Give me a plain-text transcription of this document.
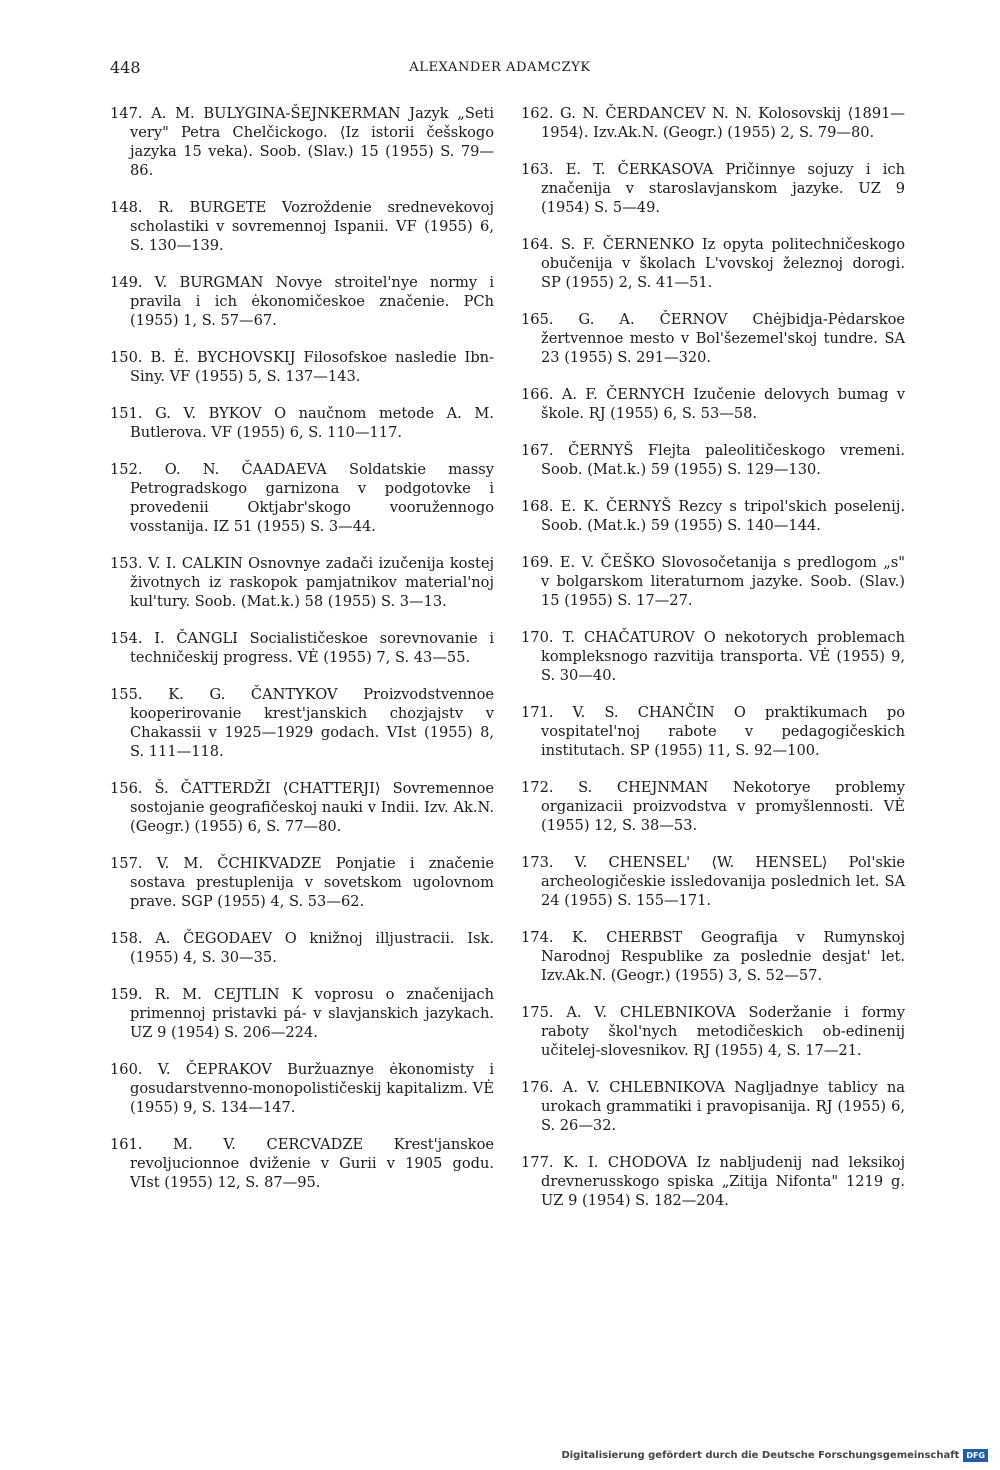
448	ALEXANDER ADAMCZYK

147. A. M. BULYGINA-ŠEJNKERMAN Jazyk „Seti very" Petra Chelčickogo. ⟨Iz istorii češskogo jazyka 15 veka⟩. Soob. (Slav.) 15 (1955) S. 79—86.

148. R. BURGETE Vozroždenie srednevekovoj scholastiki v sovremennoj Ispanii. VF (1955) 6, S. 130—139.

149. V. BURGMAN Novye stroitel'nye normy i pravila i ich ėkonomičeskoe značenie. PCh (1955) 1, S. 57—67.

150. B. Ė. BYCHOVSKIJ Filosofskoe nasledie Ibn-Siny. VF (1955) 5, S. 137—143.

151. G. V. BYKOV O naučnom metode A. M. Butlerova. VF (1955) 6, S. 110—117.

152. O. N. ČAADAEVA Soldatskie massy Petrogradskogo garnizona v podgotovke i provedenii Oktjabr'skogo vooružennogo vosstanija. IZ 51 (1955) S. 3—44.

153. V. I. CALKIN Osnovnye zadači izučenija kostej životnych iz raskopok pamjatnikov material'noj kul'tury. Soob. (Mat.k.) 58 (1955) S. 3—13.

154. I. ČANGLI Socialističeskoe sorevnovanie i techničeskij progress. VĖ (1955) 7, S. 43—55.

155. K. G. ČANTYKOV Proizvodstvennoe kooperirovanie krest'janskich chozjajstv v Chakassii v 1925—1929 godach. VIst (1955) 8, S. 111—118.

156. Š. ČATTERDŽI ⟨CHATTERJI⟩ Sovremennoe sostojanie geografičeskoj nauki v Indii. Izv. Ak.N. (Geogr.) (1955) 6, S. 77—80.

157. V. M. ČCHIKVADZE Ponjatie i značenie sostava prestuplenija v sovetskom ugolovnom prave. SGP (1955) 4, S. 53—62.

158. A. ČEGODAEV O knižnoj illjustracii. Isk. (1955) 4, S. 30—35.

159. R. M. CEJTLIN K voprosu o značenijach primennoj pristavki pá- v slavjanskich jazykach. UZ 9 (1954) S. 206—224.

160. V. ČEPRAKOV Buržuaznye ėkonomisty i gosudarstvenno-monopolističeskij kapitalizm. VĖ (1955) 9, S. 134—147.

161. M. V. CERCVADZE Krest'janskoe revoljucionnoe dviženie v Gurii v 1905 godu. VIst (1955) 12, S. 87—95.

162. G. N. ČERDANCEV N. N. Kolosovskij ⟨1891—1954⟩. Izv.Ak.N. (Geogr.) (1955) 2, S. 79—80.

163. E. T. ČERKASOVA Pričinnye sojuzy i ich značenija v staroslavjanskom jazyke. UZ 9 (1954) S. 5—49.

164. S. F. ČERNENKO Iz opyta politechničeskogo obučenija v školach L'vovskoj železnoj dorogi. SP (1955) 2, S. 41—51.

165. G. A. ČERNOV Chėjbidja-Pėdarskoe žertvennoe mesto v Bol'šezemel'skoj tundre. SA 23 (1955) S. 291—320.

166. A. F. ČERNYCH Izučenie delovych bumag v škole. RJ (1955) 6, S. 53—58.

167. ČERNYŠ Flejta paleolitičeskogo vremeni. Soob. (Mat.k.) 59 (1955) S. 129—130.

168. E. K. ČERNYŠ Rezcy s tripol'skich poselenij. Soob. (Mat.k.) 59 (1955) S. 140—144.

169. E. V. ČEŠKO Slovosočetanija s predlogom „s" v bolgarskom literaturnom jazyke. Soob. (Slav.) 15 (1955) S. 17—27.

170. T. CHAČATUROV O nekotorych problemach kompleksnogo razvitija transporta. VĖ (1955) 9, S. 30—40.

171. V. S. CHANČIN O praktikumach po vospitatel'noj rabote v pedagogičeskich institutach. SP (1955) 11, S. 92—100.

172. S. CHEJNMAN Nekotorye problemy organizacii proizvodstva v promyšlennosti. VĖ (1955) 12, S. 38—53.

173. V. CHENSEL' ⟨W. HENSEL⟩ Pol'skie archeologičeskie issledovanija poslednich let. SA 24 (1955) S. 155—171.

174. K. CHERBST Geografija v Rumynskoj Narodnoj Respublike za poslednie desjat' let. Izv.Ak.N. (Geogr.) (1955) 3, S. 52—57.

175. A. V. CHLEBNIKOVA Soderžanie i formy raboty škol'nych metodičeskich ob-edinenij učitelej-slovesnikov. RJ (1955) 4, S. 17—21.

176. A. V. CHLEBNIKOVA Nagljadnye tablicy na urokach grammatiki i pravopisanija. RJ (1955) 6, S. 26—32.

177. K. I. CHODOVA Iz nabljudenij nad leksikoj drevnerusskogo spiska „Zitija Nifonta" 1219 g. UZ 9 (1954) S. 182—204.

Digitalisierung gefördert durch die Deutsche Forschungsgemeinschaft DFG
